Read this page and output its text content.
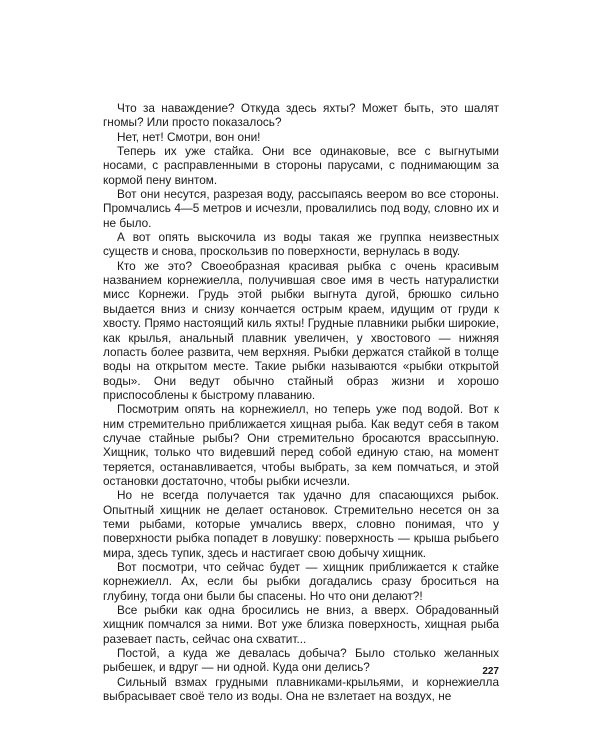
Что за наваждение? Откуда здесь яхты? Может быть, это шалят гномы? Или просто показалось?

Нет, нет! Смотри, вон они!

Теперь их уже стайка. Они все одинаковые, все с выгнутыми носами, с расправленными в стороны парусами, с поднимающим за кормой пену винтом.

Вот они несутся, разрезая воду, рассыпаясь веером во все стороны. Промчались 4—5 метров и исчезли, провалились под воду, словно их и не было.

А вот опять выскочила из воды такая же группка неизвестных существ и снова, проскользив по поверхности, вернулась в воду.

Кто же это? Своеобразная красивая рыбка с очень красивым названием корнежиелла, получившая свое имя в честь натуралистки мисс Корнежи. Грудь этой рыбки выгнута дугой, брюшко сильно выдается вниз и снизу кончается острым краем, идущим от груди к хвосту. Прямо настоящий киль яхты! Грудные плавники рыбки широкие, как крылья, анальный плавник увеличен, у хвостового — нижняя лопасть более развита, чем верхняя. Рыбки держатся стайкой в толще воды на открытом месте. Такие рыбки называются «рыбки открытой воды». Они ведут обычно стайный образ жизни и хорошо приспособлены к быстрому плаванию.

Посмотрим опять на корнежиелл, но теперь уже под водой. Вот к ним стремительно приближается хищная рыба. Как ведут себя в таком случае стайные рыбы? Они стремительно бросаются врассыпную. Хищник, только что видевший перед собой единую стаю, на момент теряется, останавливается, чтобы выбрать, за кем помчаться, и этой остановки достаточно, чтобы рыбки исчезли.

Но не всегда получается так удачно для спасающихся рыбок. Опытный хищник не делает остановок. Стремительно несется он за теми рыбами, которые умчались вверх, словно понимая, что у поверхности рыбка попадет в ловушку: поверхность — крыша рыбьего мира, здесь тупик, здесь и настигает свою добычу хищник.

Вот посмотри, что сейчас будет — хищник приближается к стайке корнежиелл. Ах, если бы рыбки догадались сразу броситься на глубину, тогда они были бы спасены. Но что они делают?!

Все рыбки как одна бросились не вниз, а вверх. Обрадованный хищник помчался за ними. Вот уже близка поверхность, хищная рыба разевает пасть, сейчас она схватит...

Постой, а куда же девалась добыча? Было столько желанных рыбешек, и вдруг — ни одной. Куда они делись?

Сильный взмах грудными плавниками-крыльями, и корнежиелла выбрасывает своё тело из воды. Она не взлетает на воздух, не

227
